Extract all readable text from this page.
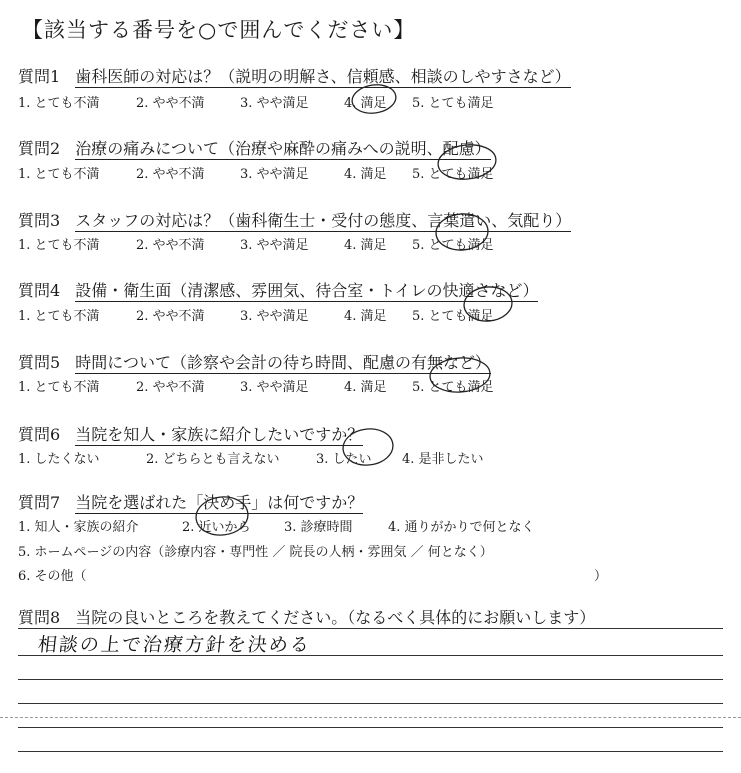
【該当する番号を○で囲んでください】
質問1 歯科医師の対応は？（説明の明解さ、信頼感、相談のしやすさなど）
1. とても不満	2. やや不満	3. やや満足	4. 満足 5. とても満足
質問2 治療の痛みについて（治療や麻酔の痛みへの説明、配慮）
1. とても不満	2. やや不満	3. やや満足	4. 満足 5. とても満足
質問3 スタッフの対応は？（歯科衛生士・受付の態度、言葉遣い、気配り）
1. とても不満	2. やや不満	3. やや満足	4. 満足 5. とても満足
質問4 設備・衛生面（清潔感、雰囲気、待合室・トイレの快適さなど）
1. とても不満	2. やや不満	3. やや満足	4. 満足 5. とても満足
質問5 時間について（診察や会計の待ち時間、配慮の有無など）
1. とても不満	2. やや不満	3. やや満足	4. 満足 5. とても満足
質問6 当院を知人・家族に紹介したいですか？
1. したくない	2. どちらとも言えない	3. したい 4. 是非したい
質問7 当院を選ばれた「決め手」は何ですか？
1. 知人・家族の紹介	2. 近いから	3. 診療時間	4. 通りがかりで何となく
5. ホームページの内容（診療内容・専門性 ／ 院長の人柄・雰囲気 ／ 何となく）
6. その他（	）
質問8 当院の良いところを教えてください。（なるべく具体的にお願いします）
相談の上で治療方針を決める
